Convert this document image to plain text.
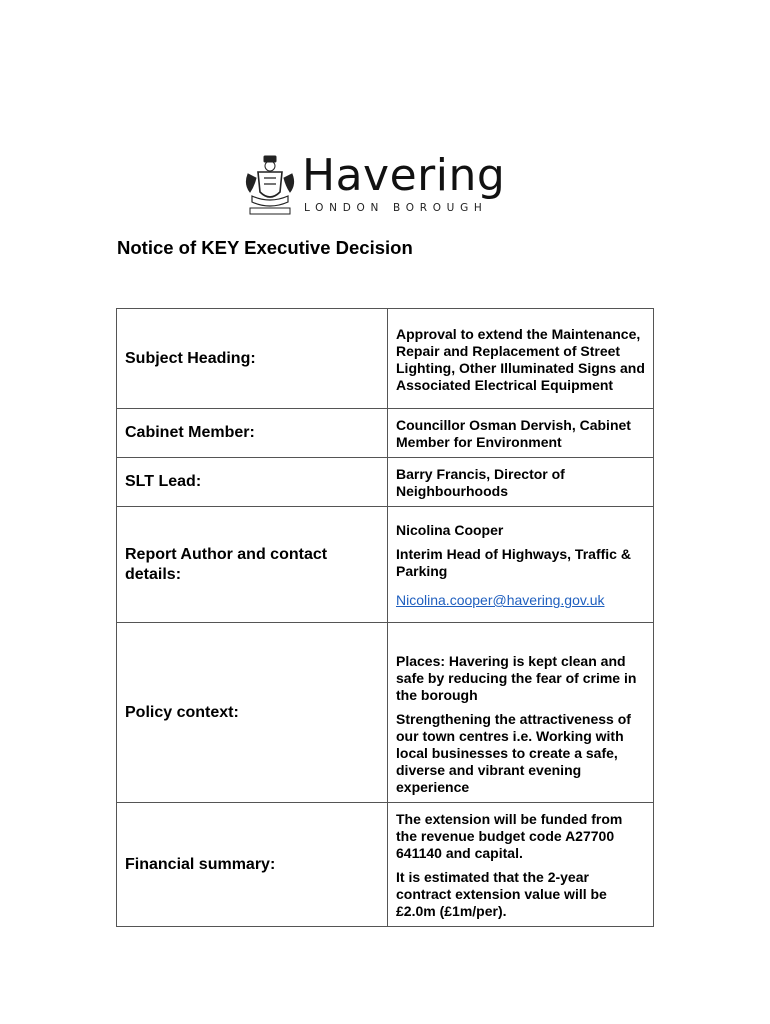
Havering
LONDON BOROUGH
Notice of KEY Executive Decision
Subject Heading:	Approval to extend the Maintenance, Repair and Replacement of Street Lighting, Other Illuminated Signs and Associated Electrical Equipment

Cabinet Member:	Councillor Osman Dervish, Cabinet Member for Environment

SLT Lead:	Barry Francis, Director of Neighbourhoods

Report Author and contact details:	Nicolina Cooper

Interim Head of Highways, Traffic & Parking

Nicolina.cooper@havering.gov.uk

Policy context:	Places: Havering is kept clean and safe by reducing the fear of crime in the borough

Strengthening the attractiveness of our town centres i.e. Working with local businesses to create a safe, diverse and vibrant evening experience

Financial summary:	The extension will be funded from the revenue budget code A27700 641140 and capital.

It is estimated that the 2-year contract extension value will be £2.0m (£1m/per).
